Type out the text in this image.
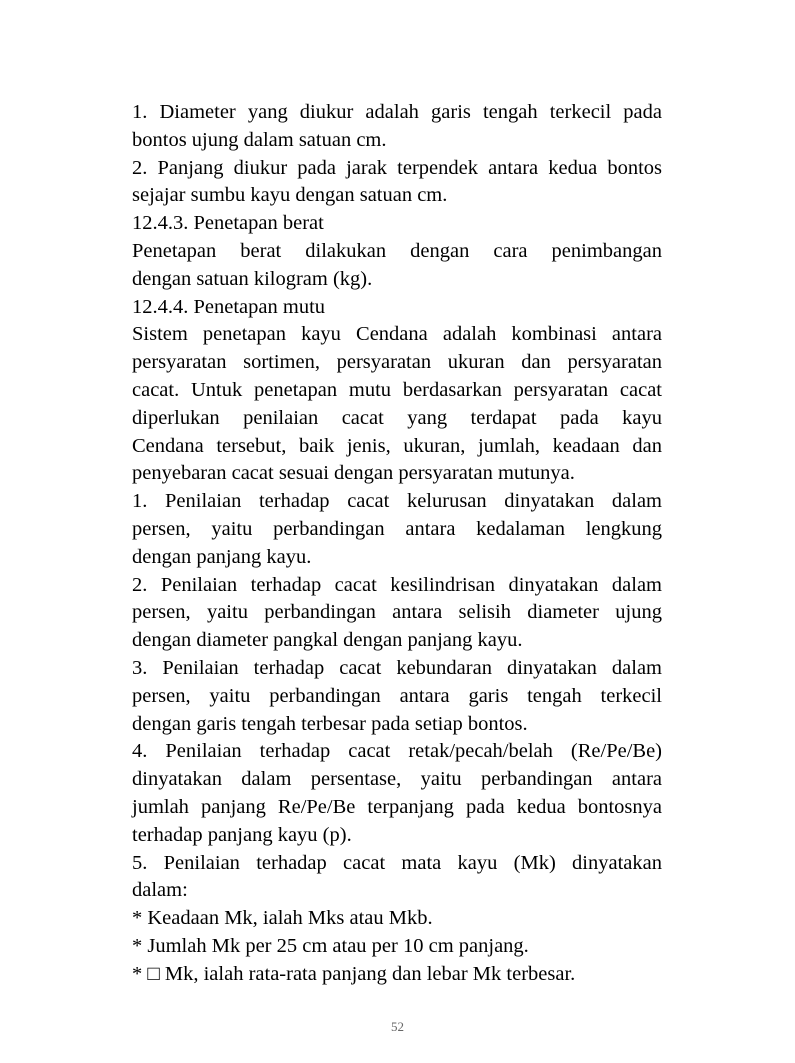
1. Diameter yang diukur adalah garis tengah terkecil pada
bontos ujung dalam satuan cm.
2. Panjang diukur pada jarak terpendek antara kedua bontos
sejajar sumbu kayu dengan satuan cm.
12.4.3. Penetapan berat
Penetapan berat dilakukan dengan cara penimbangan
dengan satuan kilogram (kg).
12.4.4. Penetapan mutu
Sistem penetapan kayu Cendana adalah kombinasi antara
persyaratan sortimen, persyaratan ukuran dan persyaratan
cacat. Untuk penetapan mutu berdasarkan persyaratan cacat
diperlukan penilaian cacat yang terdapat pada kayu
Cendana tersebut, baik jenis, ukuran, jumlah, keadaan dan
penyebaran cacat sesuai dengan persyaratan mutunya.
1. Penilaian terhadap cacat kelurusan dinyatakan dalam
persen, yaitu perbandingan antara kedalaman lengkung
dengan panjang kayu.
2. Penilaian terhadap cacat kesilindrisan dinyatakan dalam
persen, yaitu perbandingan antara selisih diameter ujung
dengan diameter pangkal dengan panjang kayu.
3. Penilaian terhadap cacat kebundaran dinyatakan dalam
persen, yaitu perbandingan antara garis tengah terkecil
dengan garis tengah terbesar pada setiap bontos.
4. Penilaian terhadap cacat retak/pecah/belah (Re/Pe/Be)
dinyatakan dalam persentase, yaitu perbandingan antara
jumlah panjang Re/Pe/Be terpanjang pada kedua bontosnya
terhadap panjang kayu (p).
5. Penilaian terhadap cacat mata kayu (Mk) dinyatakan
dalam:
* Keadaan Mk, ialah Mks atau Mkb.
* Jumlah Mk per 25 cm atau per 10 cm panjang.
* □ Mk, ialah rata-rata panjang dan lebar Mk terbesar.
52
